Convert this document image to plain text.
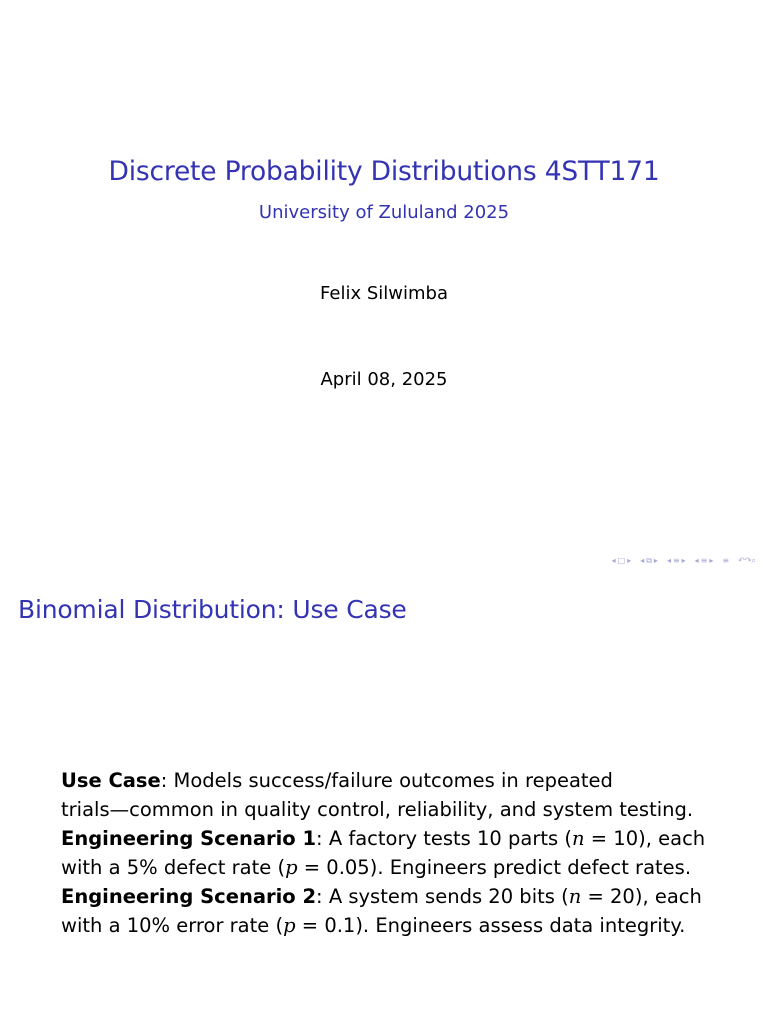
Discrete Probability Distributions 4STT171
University of Zululand 2025
Felix Silwimba
April 08, 2025
◂ □ ▸ ◂ ⧉ ▸ ◂ ≡ ▸ ◂ ≡ ▸ ≡ ↶↷⌕
Binomial Distribution: Use Case

Use Case: Models success/failure outcomes in repeated
trials—common in quality control, reliability, and system testing.

Engineering Scenario 1: A factory tests 10 parts (n = 10), each
with a 5% defect rate (p = 0.05). Engineers predict defect rates.

Engineering Scenario 2: A system sends 20 bits (n = 20), each
with a 10% error rate (p = 0.1). Engineers assess data integrity.
